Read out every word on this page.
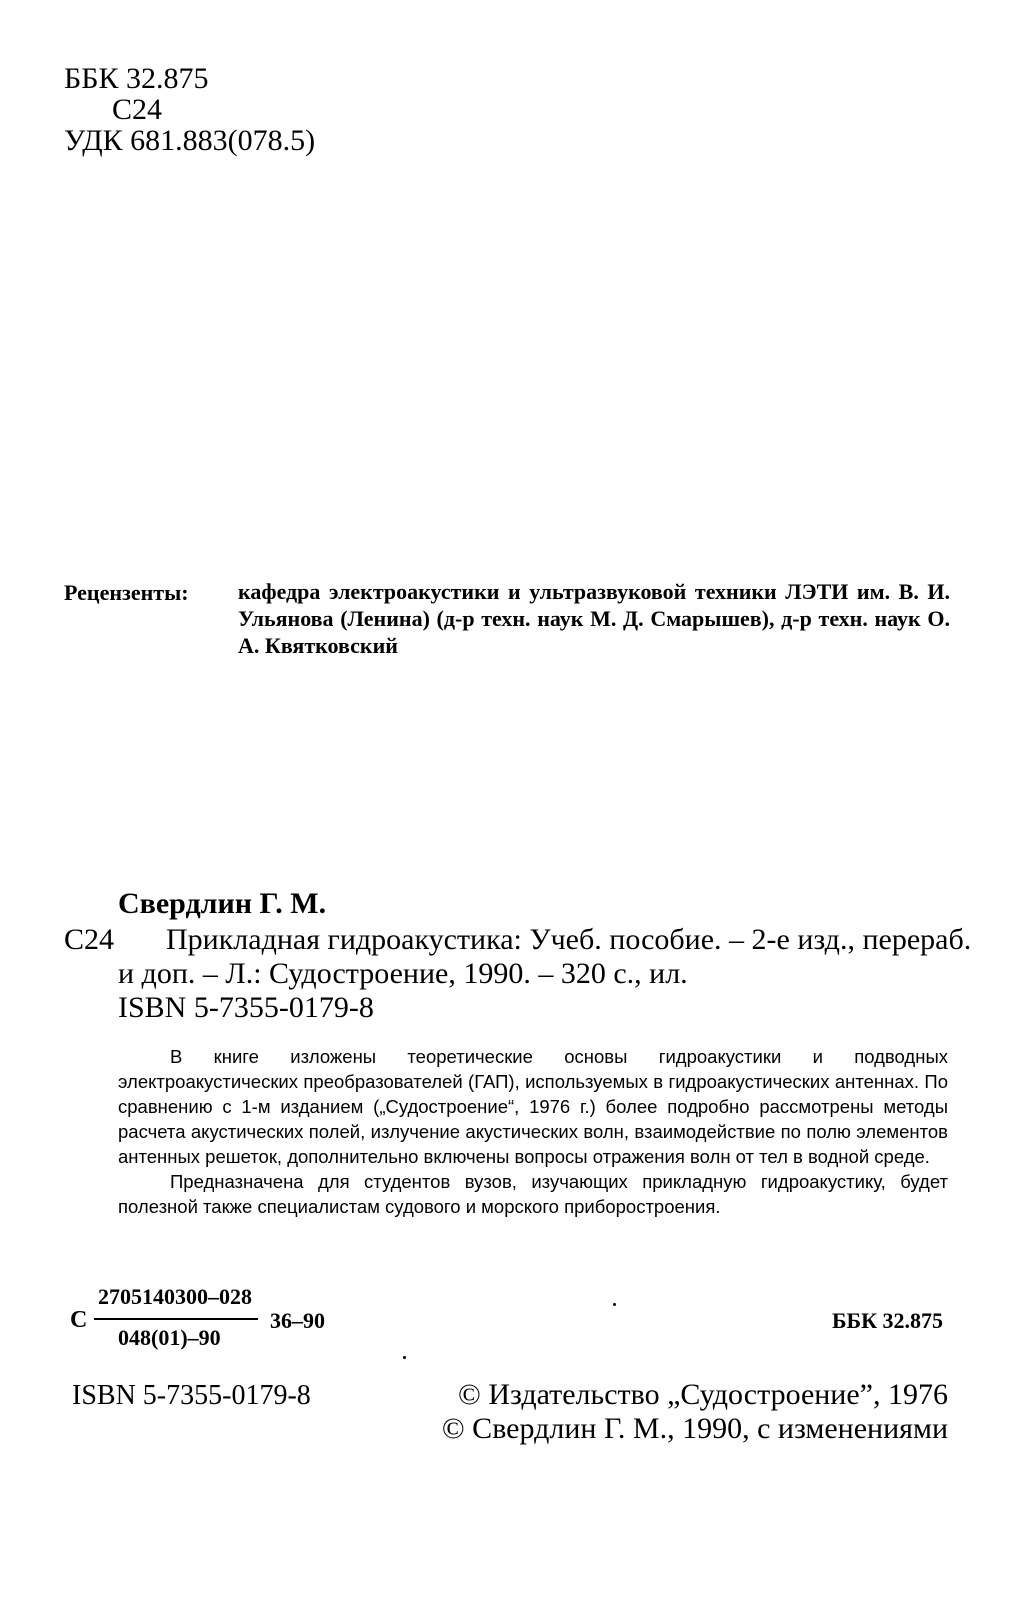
ББК 32.875
С24
УДК 681.883(078.5)
Рецензенты: кафедра электроакустики и ультразвуковой техники ЛЭТИ им. В. И. Ульянова (Ленина) (д-р техн. наук М. Д. Смарышев), д-р техн. наук О. А. Квятковский
Свердлин Г. М.
С24 Прикладная гидроакустика: Учеб. пособие. – 2-е изд., перераб.
и доп. – Л.: Судостроение, 1990. – 320 с., ил.
ISBN 5-7355-0179-8

В книге изложены теоретические основы гидроакустики и подводных электроакустических преобразователей (ГАП), используемых в гидроакустических антеннах. По сравнению с 1-м изданием („Судостроение“, 1976 г.) более подробно рассмотрены методы расчета акустических полей, излучение акустических волн, взаимодействие по полю элементов антенных решеток, дополнительно включены вопросы отражения волн от тел в водной среде.

Предназначена для студентов вузов, изучающих прикладную гидроакустику, будет полезной также специалистам судового и морского приборостроения.

С
2705140300–028
048(01)–90
36–90	ББК 32.875
ISBN 5-7355-0179-8	© Издательство „Судостроение”, 1976
© Свердлин Г. М., 1990, с изменениями
